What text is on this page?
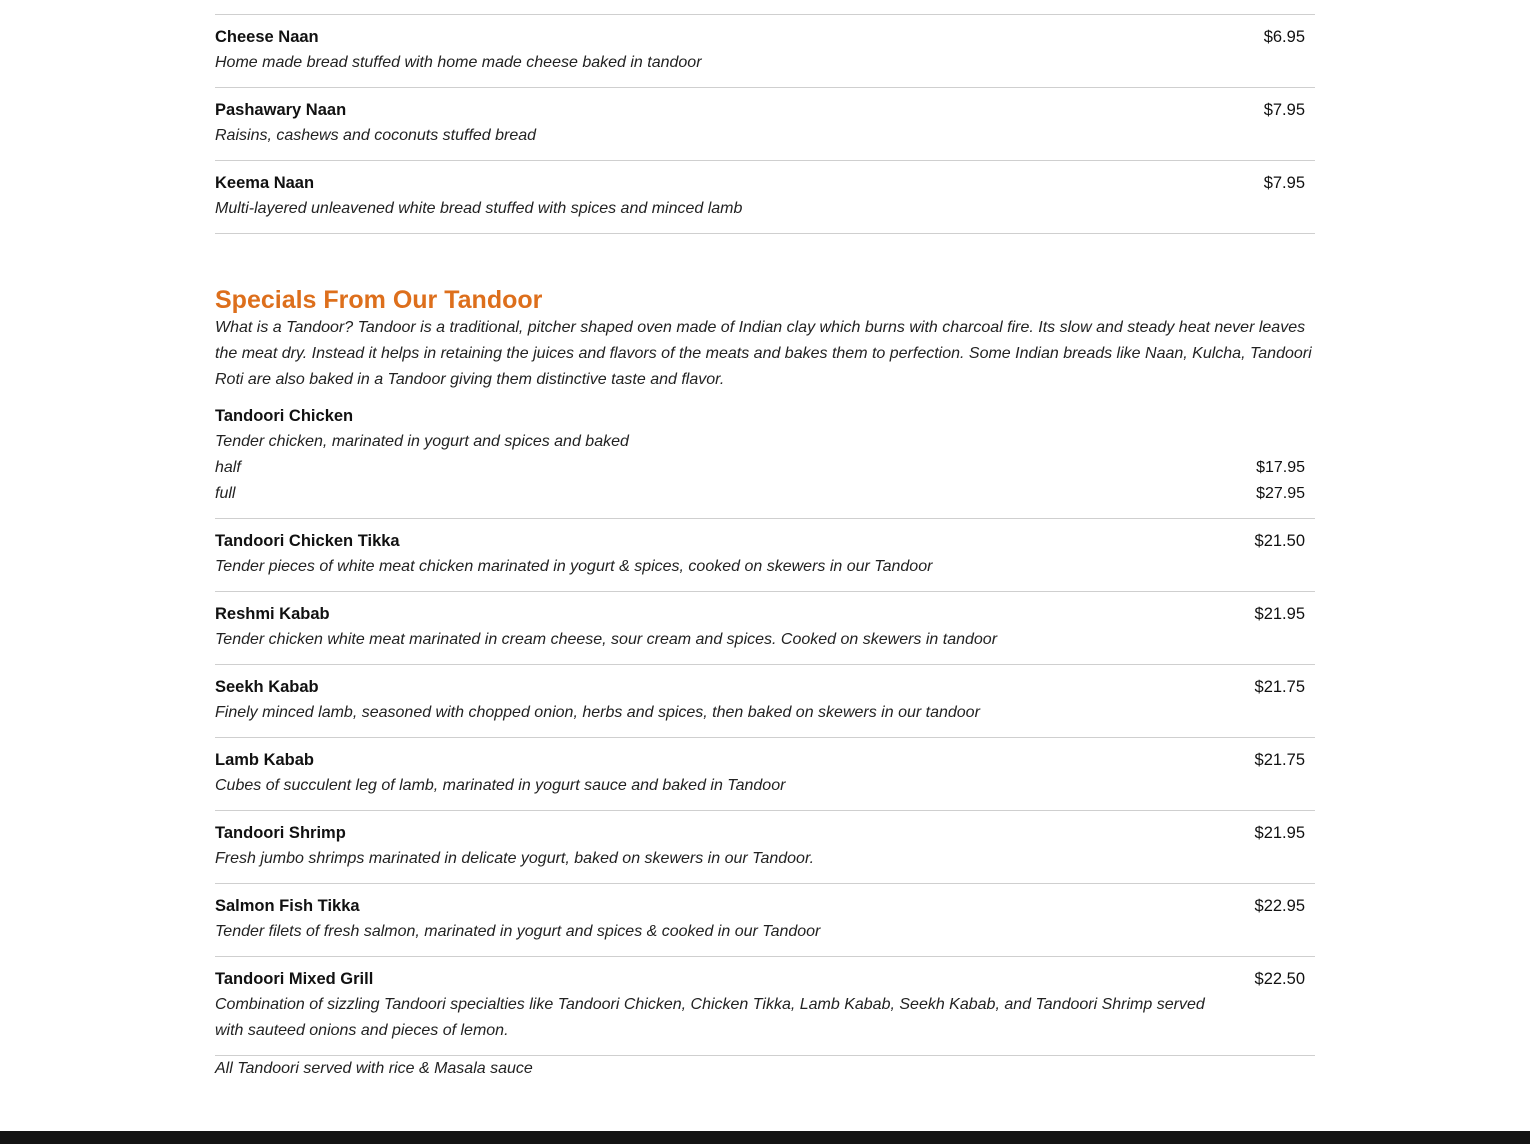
Cheese Naan	$6.95
Home made bread stuffed with home made cheese baked in tandoor
Pashawary Naan	$7.95
Raisins, cashews and coconuts stuffed bread
Keema Naan	$7.95
Multi-layered unleavened white bread stuffed with spices and minced lamb
Specials From Our Tandoor
What is a Tandoor? Tandoor is a traditional, pitcher shaped oven made of Indian clay which burns with charcoal fire. Its slow and steady heat never leaves the meat dry. Instead it helps in retaining the juices and flavors of the meats and bakes them to perfection. Some Indian breads like Naan, Kulcha, Tandoori Roti are also baked in a Tandoor giving them distinctive taste and flavor.
Tandoori Chicken
Tender chicken, marinated in yogurt and spices and baked
half	$17.95
full	$27.95
Tandoori Chicken Tikka	$21.50
Tender pieces of white meat chicken marinated in yogurt & spices, cooked on skewers in our Tandoor
Reshmi Kabab	$21.95
Tender chicken white meat marinated in cream cheese, sour cream and spices. Cooked on skewers in tandoor
Seekh Kabab	$21.75
Finely minced lamb, seasoned with chopped onion, herbs and spices, then baked on skewers in our tandoor
Lamb Kabab	$21.75
Cubes of succulent leg of lamb, marinated in yogurt sauce and baked in Tandoor
Tandoori Shrimp	$21.95
Fresh jumbo shrimps marinated in delicate yogurt, baked on skewers in our Tandoor.
Salmon Fish Tikka	$22.95
Tender filets of fresh salmon, marinated in yogurt and spices & cooked in our Tandoor
Tandoori Mixed Grill	$22.50
Combination of sizzling Tandoori specialties like Tandoori Chicken, Chicken Tikka, Lamb Kabab, Seekh Kabab, and Tandoori Shrimp served with sauteed onions and pieces of lemon.
All Tandoori served with rice & Masala sauce
